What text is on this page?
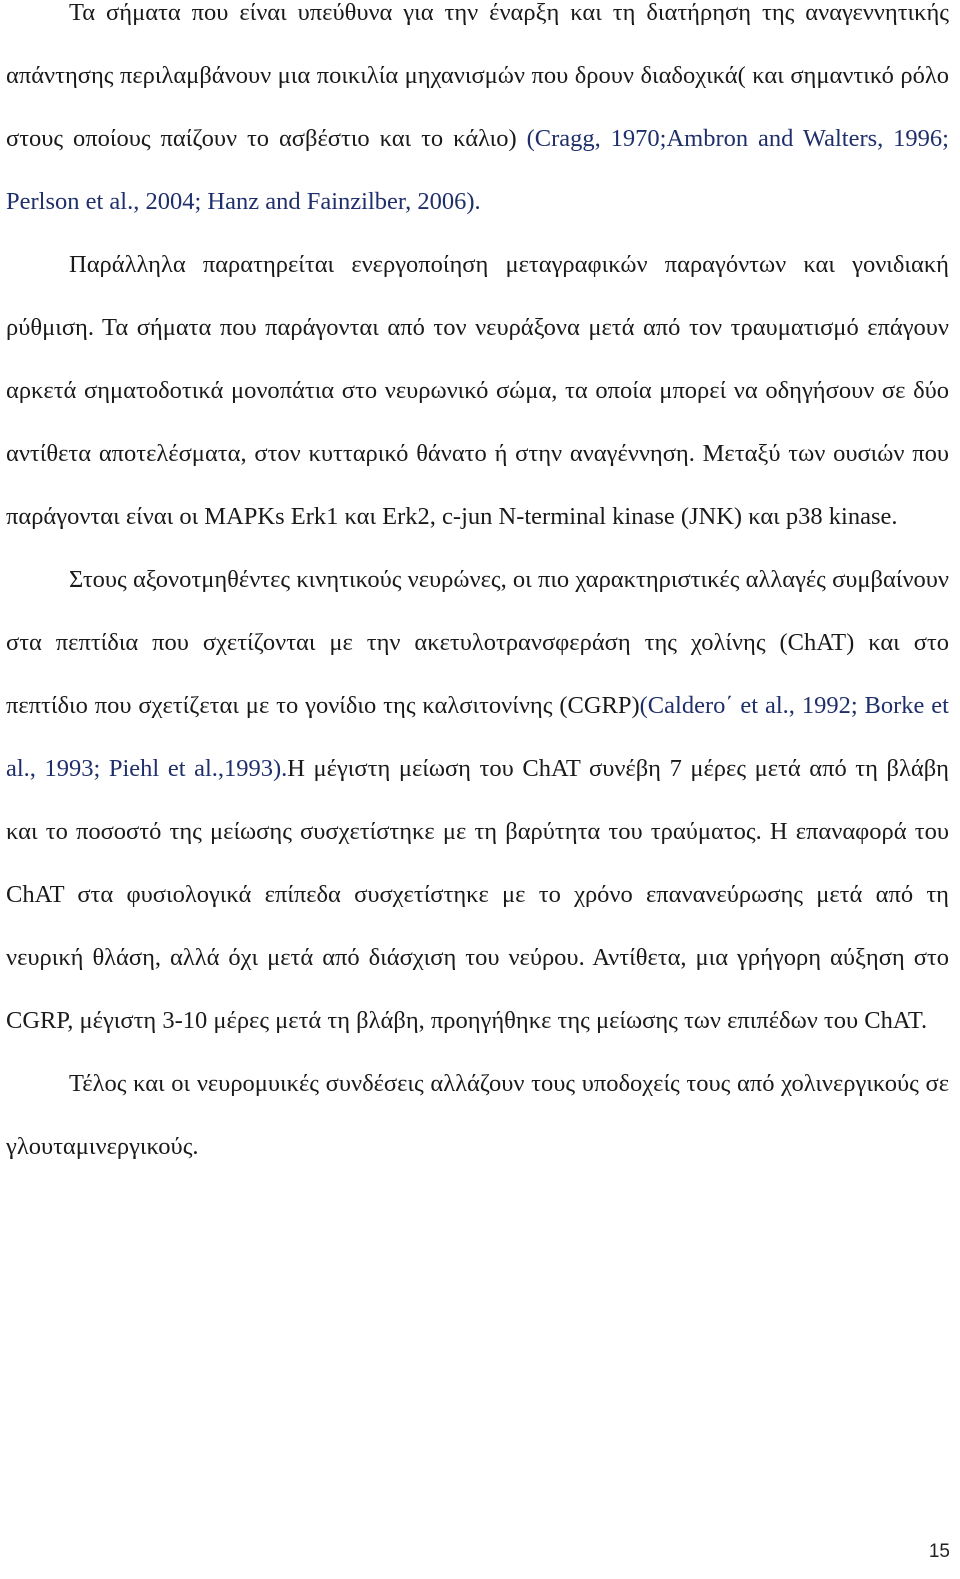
Τα σήματα που είναι υπεύθυνα για την έναρξη και τη διατήρηση της αναγεννητικής απάντησης περιλαμβάνουν μια ποικιλία μηχανισμών που δρουν διαδοχικά( και σημαντικό ρόλο στους οποίους παίζουν το ασβέστιο και το κάλιο) (Cragg, 1970;Ambron and Walters, 1996; Perlson et al., 2004; Hanz and Fainzilber, 2006).

Παράλληλα παρατηρείται ενεργοποίηση μεταγραφικών παραγόντων και γονιδιακή ρύθμιση. Τα σήματα που παράγονται από τον νευράξονα μετά από τον τραυματισμό επάγουν αρκετά σηματοδοτικά μονοπάτια στο νευρωνικό σώμα, τα οποία μπορεί να οδηγήσουν σε δύο αντίθετα αποτελέσματα, στον κυτταρικό θάνατο ή στην αναγέννηση. Μεταξύ των ουσιών που παράγονται είναι οι MAPKs Erk1 και Erk2, c-jun N-terminal kinase (JNK) και p38 kinase.

Στους αξονοτμηθέντες κινητικούς νευρώνες, οι πιο χαρακτηριστικές αλλαγές συμβαίνουν στα πεπτίδια που σχετίζονται με την ακετυλοτρανσφεράση της χολίνης (ChAT) και στο πεπτίδιο που σχετίζεται με το γονίδιο της καλσιτονίνης (CGRP)(Caldero΄ et al., 1992; Borke et al., 1993; Piehl et al.,1993).Η μέγιστη μείωση του ChAT συνέβη 7 μέρες μετά από τη βλάβη και το ποσοστό της μείωσης συσχετίστηκε με τη βαρύτητα του τραύματος. Η επαναφορά του ChAT στα φυσιολογικά επίπεδα συσχετίστηκε με το χρόνο επανανεύρωσης μετά από τη νευρική θλάση, αλλά όχι μετά από διάσχιση του νεύρου. Αντίθετα, μια γρήγορη αύξηση στο CGRP, μέγιστη 3-10 μέρες μετά τη βλάβη, προηγήθηκε της μείωσης των επιπέδων του ChAT.

Τέλος και οι νευρομυικές συνδέσεις αλλάζουν τους υποδοχείς τους από χολινεργικούς σε γλουταμινεργικούς.

15
